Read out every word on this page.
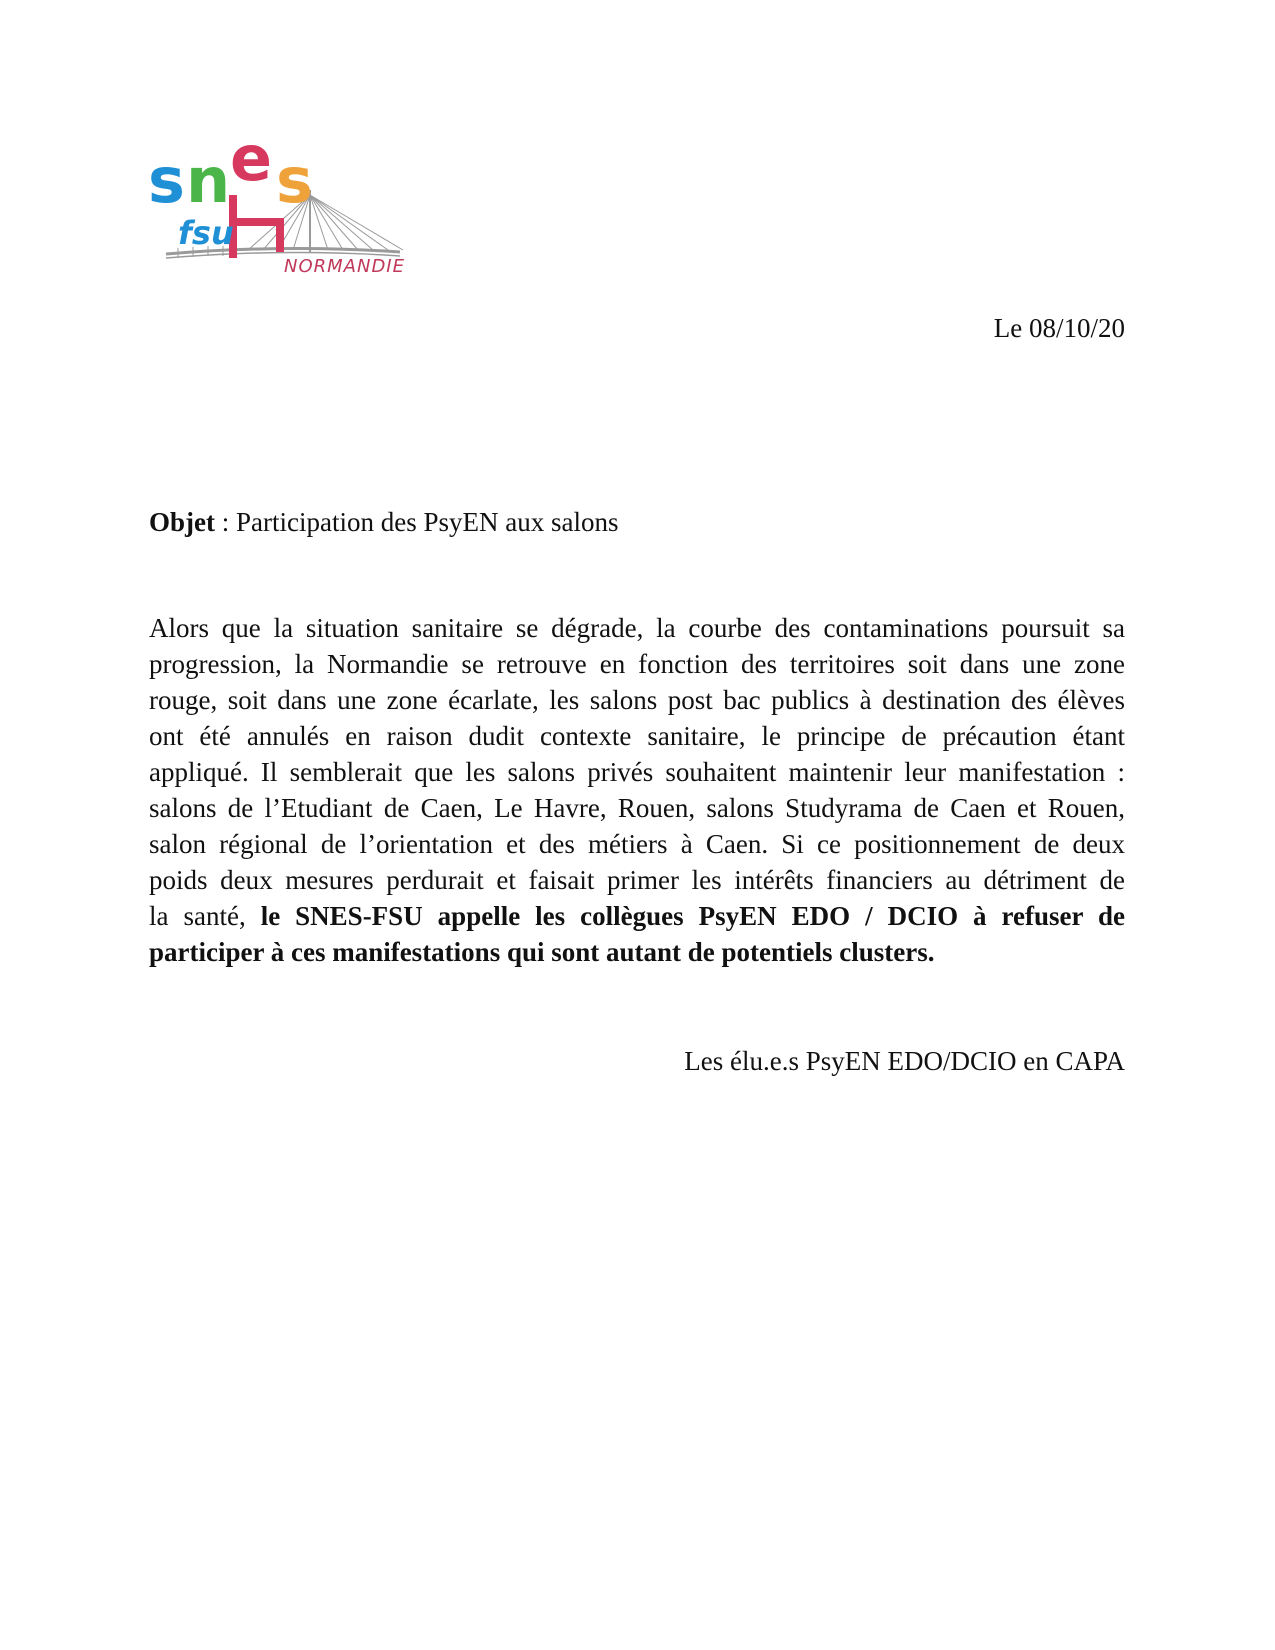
s n e s
fsu
NORMANDIE
Le 08/10/20
Objet : Participation des PsyEN aux salons
Alors que la situation sanitaire se dégrade, la courbe des contaminations poursuit sa
progression, la Normandie se retrouve en fonction des territoires soit dans une zone
rouge, soit dans une zone écarlate, les salons post bac publics à destination des élèves
ont été annulés en raison dudit contexte sanitaire, le principe de précaution étant
appliqué. Il semblerait que les salons privés souhaitent maintenir leur manifestation :
salons de l’Etudiant de Caen, Le Havre, Rouen, salons Studyrama de Caen et Rouen,
salon régional de l’orientation et des métiers à Caen. Si ce positionnement de deux
poids deux mesures perdurait et faisait primer les intérêts financiers au détriment de
la santé, le SNES-FSU appelle les collègues PsyEN EDO / DCIO à refuser de
participer à ces manifestations qui sont autant de potentiels clusters.
Les élu.e.s PsyEN EDO/DCIO en CAPA
